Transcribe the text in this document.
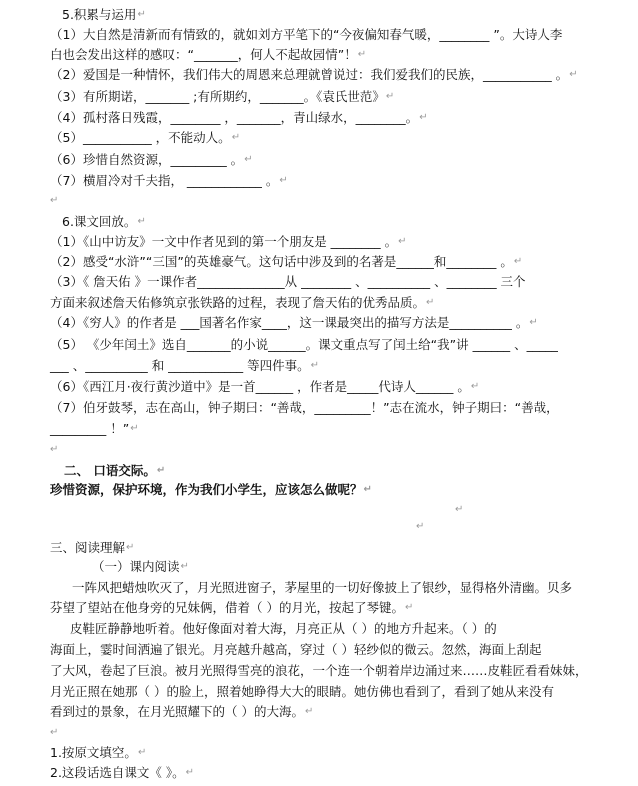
5.积累与运用↵
（1）大自然是清新而有情致的，就如刘方平笔下的“今夜偏知春气暖，________ ”。大诗人李
白也会发出这样的感叹：“_______，何人不起故园情”！↵
（2）爱国是一种情怀，我们伟大的周恩来总理就曾说过：我们爱我们的民族，___________ 。↵
（3）有所期诺，_______ ;有所期约，_______。《袁氏世范》↵
（4）孤村落日残霞，________ ，_______，青山绿水，________。↵
（5）___________ ，不能动人。↵
（6）珍惜自然资源，_________ 。↵
（7）横眉冷对千夫指， ____________ 。↵
↵
6.课文回放。↵
（1）《山中访友》一文中作者见到的第一个朋友是 ________ 。↵
（2）感受“水浒”“三国”的英雄豪气。这句话中涉及到的名著是______和________ 。↵
（3）《 詹天佑 》一课作者______________从 ________ 、__________ 、________ 三个
方面来叙述詹天佑修筑京张铁路的过程，表现了詹天佑的优秀品质。↵
（4）《穷人》的作者是 ___国著名作家____，这一课最突出的描写方法是__________ 。↵
（5） 《少年闰土》选自_______的小说______。课文重点写了闰土给“我”讲 ______ 、_____
___ 、__________ 和 ____________ 等四件事。↵
（6）《西江月·夜行黄沙道中》是一首______ ，作者是_____代诗人______ 。↵
（7）伯牙鼓琴，志在高山，钟子期曰：“善哉，_________！”志在流水，钟子期曰：“善哉，
_________ ！”↵
↵
二、 口语交际。↵
珍惜资源，保护环境，作为我们小学生，应该怎么做呢？↵
↵
↵
三、阅读理解↵
（一）课内阅读↵
一阵风把蜡烛吹灭了，月光照进窗子，茅屋里的一切好像披上了银纱，显得格外清幽。贝多
芬望了望站在他身旁的兄妹俩，借着（ ）的月光，按起了琴键。↵
皮鞋匠静静地听着。他好像面对着大海，月亮正从（ ）的地方升起来。（ ）的
海面上，霎时间洒遍了银光。月亮越升越高，穿过（ ）轻纱似的微云。忽然，海面上刮起
了大风，卷起了巨浪。被月光照得雪亮的浪花，一个连一个朝着岸边涌过来……皮鞋匠看看妹妹，
月光正照在她那（ ）的脸上，照着她睁得大大的眼睛。她仿佛也看到了，看到了她从来没有
看到过的景象，在月光照耀下的（ ）的大海。↵
↵
1.按原文填空。↵
2.这段话选自课文《 》。↵
